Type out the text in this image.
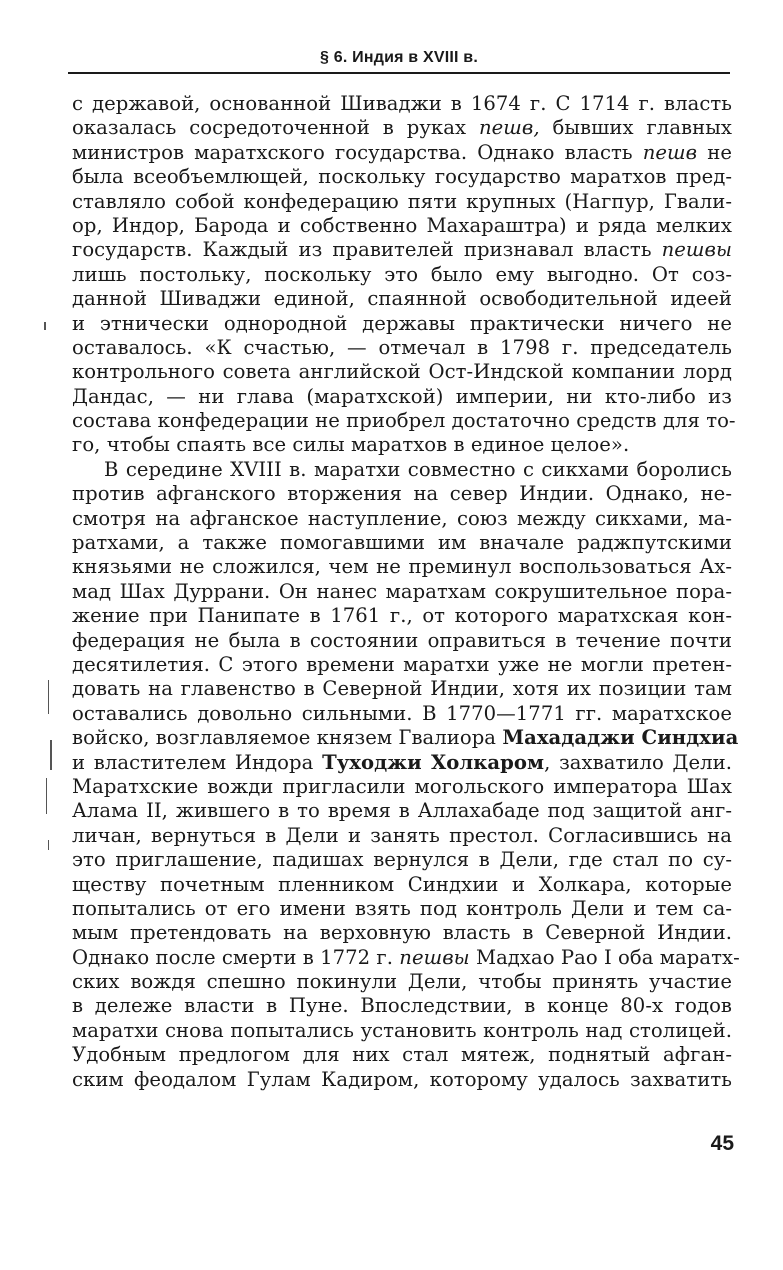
§ 6. Индия в XVIII в.
с державой, основанной Шиваджи в 1674 г. С 1714 г. власть
оказалась сосредоточенной в руках пешв, бывших главных
министров маратхского государства. Однако власть пешв не
была всеобъемлющей, поскольку государство маратхов пред-
ставляло собой конфедерацию пяти крупных (Нагпур, Гвали-
ор, Индор, Барода и собственно Махараштра) и ряда мелких
государств. Каждый из правителей признавал власть пешвы
лишь постольку, поскольку это было ему выгодно. От соз-
данной Шиваджи единой, спаянной освободительной идеей
и этнически однородной державы практически ничего не
оставалось. «К счастью, — отмечал в 1798 г. председатель
контрольного совета английской Ост-Индской компании лорд
Дандас, — ни глава (маратхской) империи, ни кто-либо из
состава конфедерации не приобрел достаточно средств для то-
го, чтобы спаять все силы маратхов в единое целое».
В середине XVIII в. маратхи совместно с сикхами боролись
против афганского вторжения на север Индии. Однако, не-
смотря на афганское наступление, союз между сикхами, ма-
ратхами, а также помогавшими им вначале раджпутскими
князьями не сложился, чем не преминул воспользоваться Ах-
мад Шах Дуррани. Он нанес маратхам сокрушительное пора-
жение при Панипате в 1761 г., от которого маратхская кон-
федерация не была в состоянии оправиться в течение почти
десятилетия. С этого времени маратхи уже не могли претен-
довать на главенство в Северной Индии, хотя их позиции там
оставались довольно сильными. В 1770—1771 гг. маратхское
войско, возглавляемое князем Гвалиора Махададжи Синдхиа
и властителем Индора Туходжи Холкаром, захватило Дели.
Маратхские вожди пригласили могольского императора Шах
Алама II, жившего в то время в Аллахабаде под защитой анг-
личан, вернуться в Дели и занять престол. Согласившись на
это приглашение, падишах вернулся в Дели, где стал по су-
ществу почетным пленником Синдхии и Холкара, которые
попытались от его имени взять под контроль Дели и тем са-
мым претендовать на верховную власть в Северной Индии.
Однако после смерти в 1772 г. пешвы Мадхао Рао I оба маратх-
ских вождя спешно покинули Дели, чтобы принять участие
в дележе власти в Пуне. Впоследствии, в конце 80-х годов
маратхи снова попытались установить контроль над столицей.
Удобным предлогом для них стал мятеж, поднятый афган-
ским феодалом Гулам Кадиром, которому удалось захватить
45
